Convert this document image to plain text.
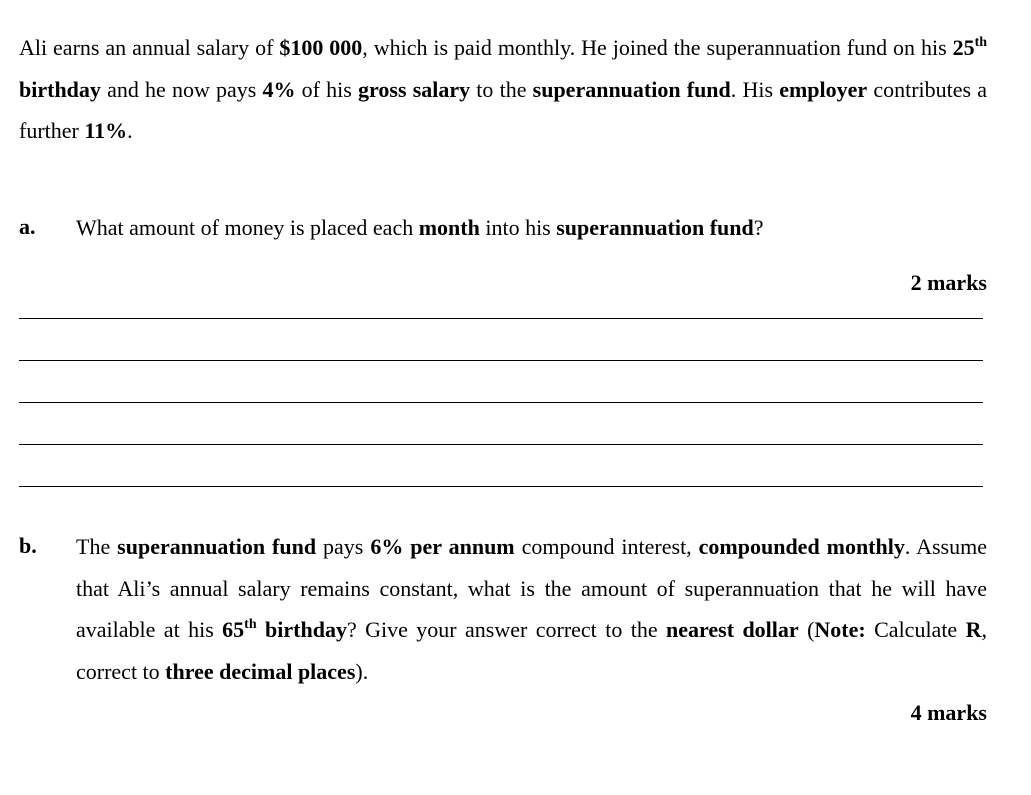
Ali earns an annual salary of $100 000, which is paid monthly. He joined the superannuation fund on his 25th birthday and he now pays 4% of his gross salary to the superannuation fund. His employer contributes a further 11%.
a. What amount of money is placed each month into his superannuation fund?
2 marks
b. The superannuation fund pays 6% per annum compound interest, compounded monthly. Assume that Ali’s annual salary remains constant, what is the amount of superannuation that he will have available at his 65th birthday? Give your answer correct to the nearest dollar (Note: Calculate R, correct to three decimal places).
4 marks
